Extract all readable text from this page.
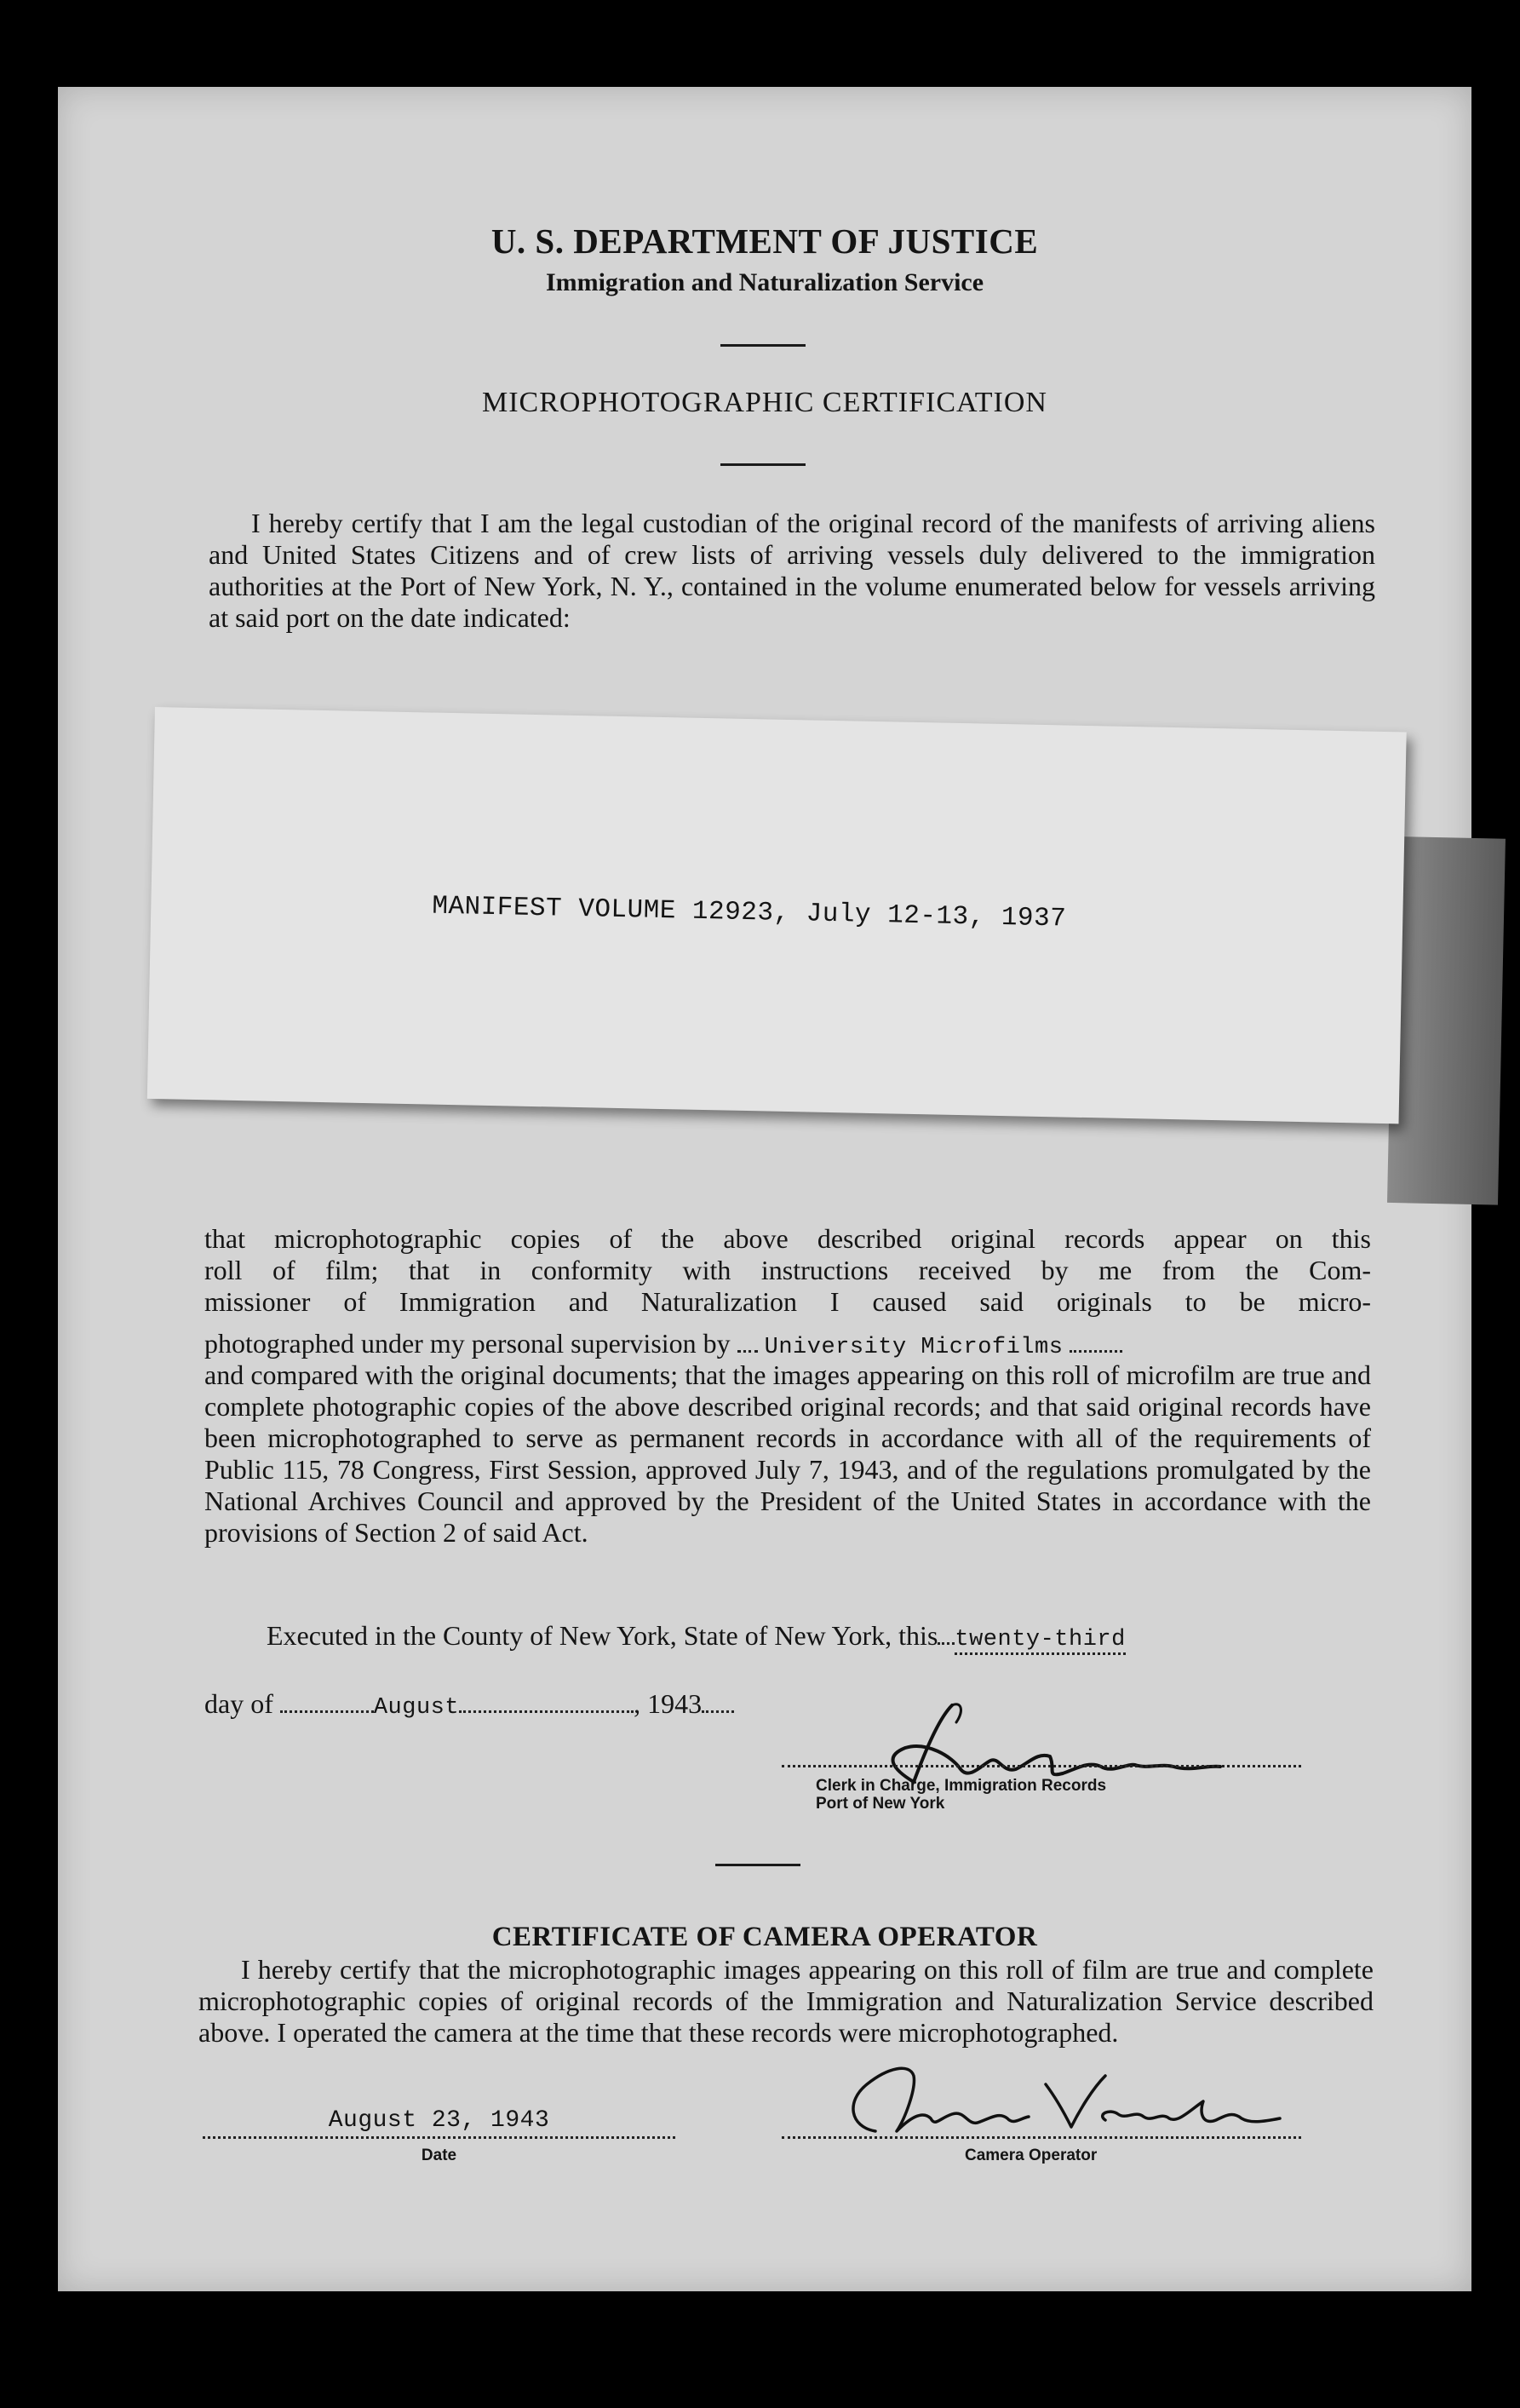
U. S. DEPARTMENT OF JUSTICE
Immigration and Naturalization Service
MICROPHOTOGRAPHIC CERTIFICATION
I hereby certify that I am the legal custodian of the original record of the manifests of arriving aliens and United States Citizens and of crew lists of arriving vessels duly delivered to the immigration authorities at the Port of New York, N. Y., contained in the volume enumerated below for vessels arriving at said port on the date indicated:
MANIFEST VOLUME 12923, July 12-13, 1937
that microphotographic copies of the above described original records appear on this
roll of film; that in conformity with instructions received by me from the Com-
missioner of Immigration and Naturalization I caused said originals to be micro-
photographed under my personal supervision by University Microfilms
and compared with the original documents; that the images appearing on this roll of microfilm are true and complete photographic copies of the above described original records; and that said original records have been microphotographed to serve as permanent records in accordance with all of the requirements of Public 115, 78 Congress, First Session, approved July 7, 1943, and of the regulations promulgated by the National Archives Council and approved by the President of the United States in accordance with the provisions of Section 2 of said Act.
Executed in the County of New York, State of New York, this twenty-third
day of	August	, 1943
Clerk in Charge, Immigration Records
Port of New York
CERTIFICATE OF CAMERA OPERATOR
I hereby certify that the microphotographic images appearing on this roll of film are true and complete microphotographic copies of original records of the Immigration and Naturalization Service described above. I operated the camera at the time that these records were microphotographed.
August 23, 1943
Date	Camera Operator
